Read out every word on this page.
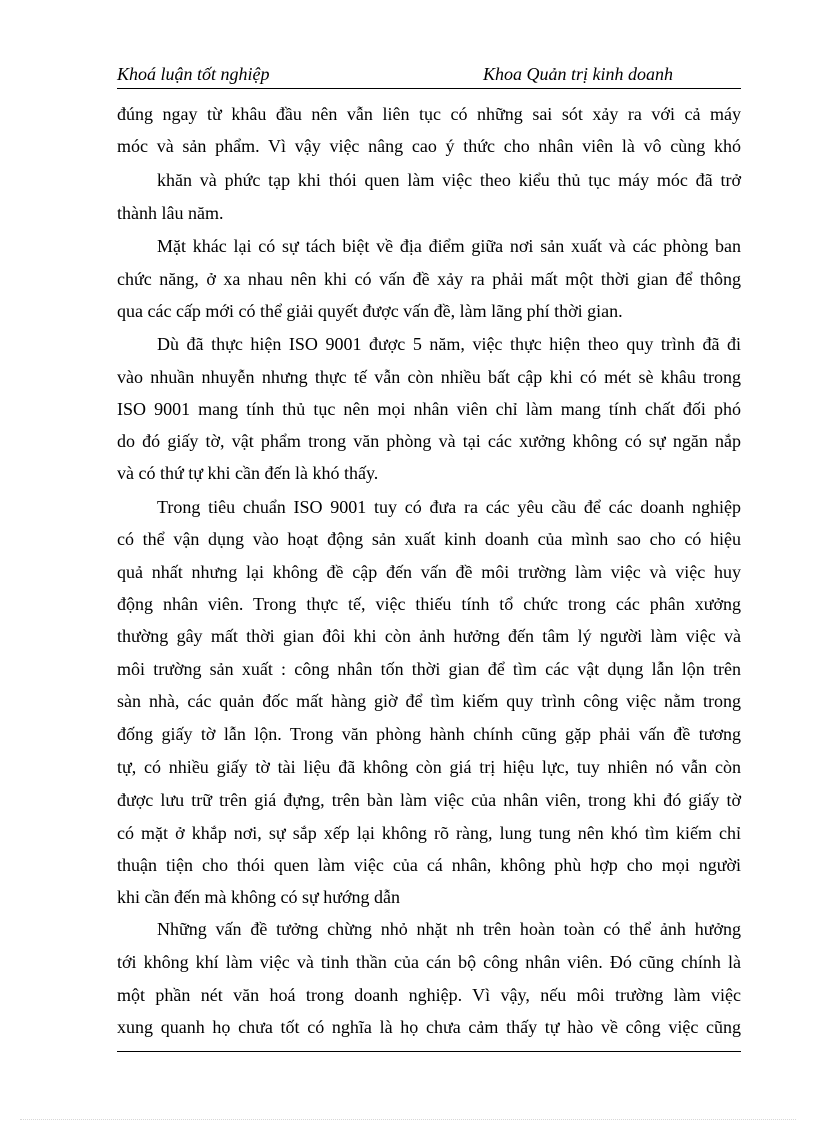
Khoá luận tốt nghiệp	Khoa Quản trị kinh doanh
đúng ngay từ khâu đầu nên vẫn liên tục có những sai sót xảy ra với cả máy
móc và sản phẩm. Vì vậy việc nâng cao ý thức cho nhân viên là vô cùng khó
khăn và phức tạp khi thói quen làm việc theo kiểu thủ tục máy móc đã trở
thành lâu năm.
Mặt khác lại có sự tách biệt về địa điểm giữa nơi sản xuất và các phòng ban
chức năng, ở xa nhau nên khi có vấn đề xảy ra phải mất một thời gian để thông
qua các cấp mới có thể giải quyết được vấn đề, làm lãng phí thời gian.
Dù đã thực hiện ISO 9001 được 5 năm, việc thực hiện theo quy trình đã đi
vào nhuần nhuyễn nhưng thực tế vẫn còn nhiều bất cập khi có mét sè khâu trong
ISO 9001 mang tính thủ tục nên mọi nhân viên chỉ làm mang tính chất đối phó
do đó giấy tờ, vật phẩm trong văn phòng và tại các xưởng không có sự ngăn nắp
và có thứ tự khi cần đến là khó thấy.
Trong tiêu chuẩn ISO 9001 tuy có đưa ra các yêu cầu để các doanh nghiệp
có thể vận dụng vào hoạt động sản xuất kinh doanh của mình sao cho có hiệu
quả nhất nhưng lại không đề cập đến vấn đề môi trường làm việc và việc huy
động nhân viên. Trong thực tế, việc thiếu tính tổ chức trong các phân xưởng
thường gây mất thời gian đôi khi còn ảnh hưởng đến tâm lý người làm việc và
môi trường sản xuất : công nhân tốn thời gian để tìm các vật dụng lẫn lộn trên
sàn nhà, các quản đốc mất hàng giờ để tìm kiếm quy trình công việc nằm trong
đống giấy tờ lẫn lộn. Trong văn phòng hành chính cũng gặp phải vấn đề tương
tự, có nhiều giấy tờ tài liệu đã không còn giá trị hiệu lực, tuy nhiên nó vẫn còn
được lưu trữ trên giá đựng, trên bàn làm việc của nhân viên, trong khi đó giấy tờ
có mặt ở khắp nơi, sự sắp xếp lại không rõ ràng, lung tung nên khó tìm kiếm chỉ
thuận tiện cho thói quen làm việc của cá nhân, không phù hợp cho mọi người
khi cần đến mà không có sự hướng dẫn
Những vấn đề tưởng chừng nhỏ nhặt nh trên hoàn toàn có thể ảnh hưởng
tới không khí làm việc và tinh thần của cán bộ công nhân viên. Đó cũng chính là
một phần nét văn hoá trong doanh nghiệp. Vì vậy, nếu môi trường làm việc
xung quanh họ chưa tốt có nghĩa là họ chưa cảm thấy tự hào về công việc cũng
